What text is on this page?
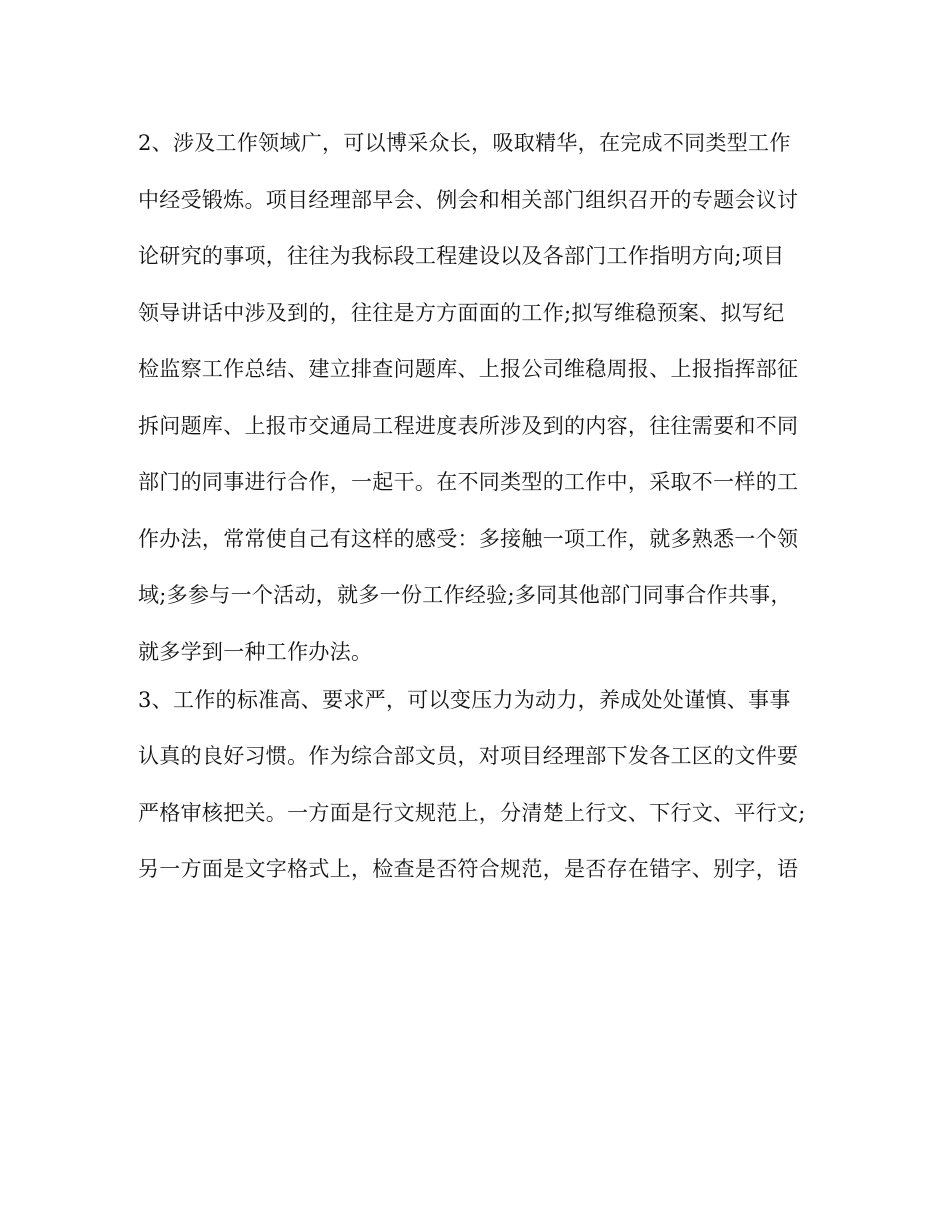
2、涉及工作领域广，可以博采众长，吸取精华，在完成不同类型工作
中经受锻炼。项目经理部早会、例会和相关部门组织召开的专题会议讨
论研究的事项，往往为我标段工程建设以及各部门工作指明方向;项目
领导讲话中涉及到的，往往是方方面面的工作;拟写维稳预案、拟写纪
检监察工作总结、建立排查问题库、上报公司维稳周报、上报指挥部征
拆问题库、上报市交通局工程进度表所涉及到的内容，往往需要和不同
部门的同事进行合作，一起干。在不同类型的工作中，采取不一样的工
作办法，常常使自己有这样的感受：多接触一项工作，就多熟悉一个领
域;多参与一个活动，就多一份工作经验;多同其他部门同事合作共事，
就多学到一种工作办法。
3、工作的标准高、要求严，可以变压力为动力，养成处处谨慎、事事
认真的良好习惯。作为综合部文员，对项目经理部下发各工区的文件要
严格审核把关。一方面是行文规范上，分清楚上行文、下行文、平行文;
另一方面是文字格式上，检查是否符合规范，是否存在错字、别字，语
